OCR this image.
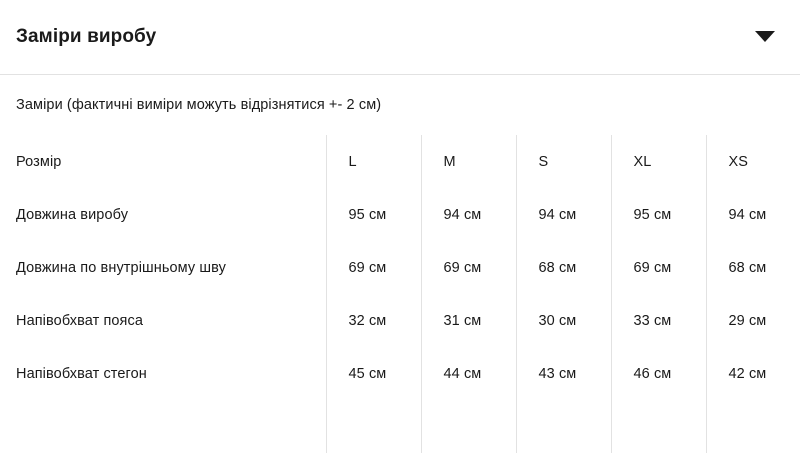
Заміри виробу
Заміри (фактичні виміри можуть відрізнятися +- 2 см)
Розмір	L	M	S	XL	XS
Довжина виробу	95 см	94 см	94 см	95 см	94 см
Довжина по внутрішньому шву	69 см	69 см	68 см	69 см	68 см
Напівобхват пояса	32 см	31 см	30 см	33 см	29 см
Напівобхват стегон	45 см	44 см	43 см	46 см	42 см
